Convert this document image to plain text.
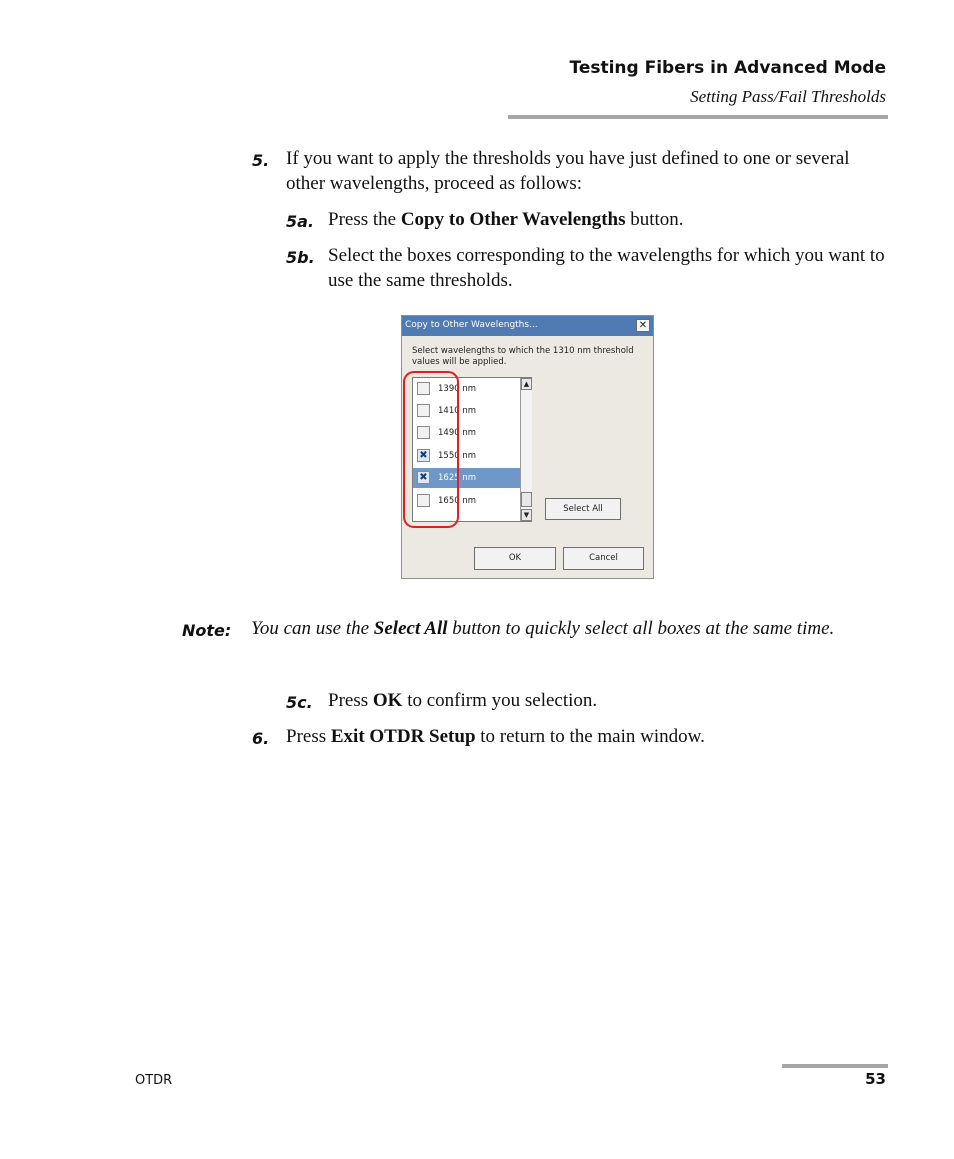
Testing Fibers in Advanced Mode
Setting Pass/Fail Thresholds
5. If you want to apply the thresholds you have just defined to one or several other wavelengths, proceed as follows:
5a. Press the Copy to Other Wavelengths button.
5b. Select the boxes corresponding to the wavelengths for which you want to use the same thresholds.
Copy to Other Wavelengths...	✕
Select wavelengths to which the 1310 nm threshold values will be applied.
1390 nm
1410 nm
1490 nm
✖ 1550 nm
✖ 1625 nm
1650 nm
▲
▼
Select All
OK	Cancel
Note: You can use the Select All button to quickly select all boxes at the same time.
5c. Press OK to confirm you selection.
6. Press Exit OTDR Setup to return to the main window.
OTDR	53
